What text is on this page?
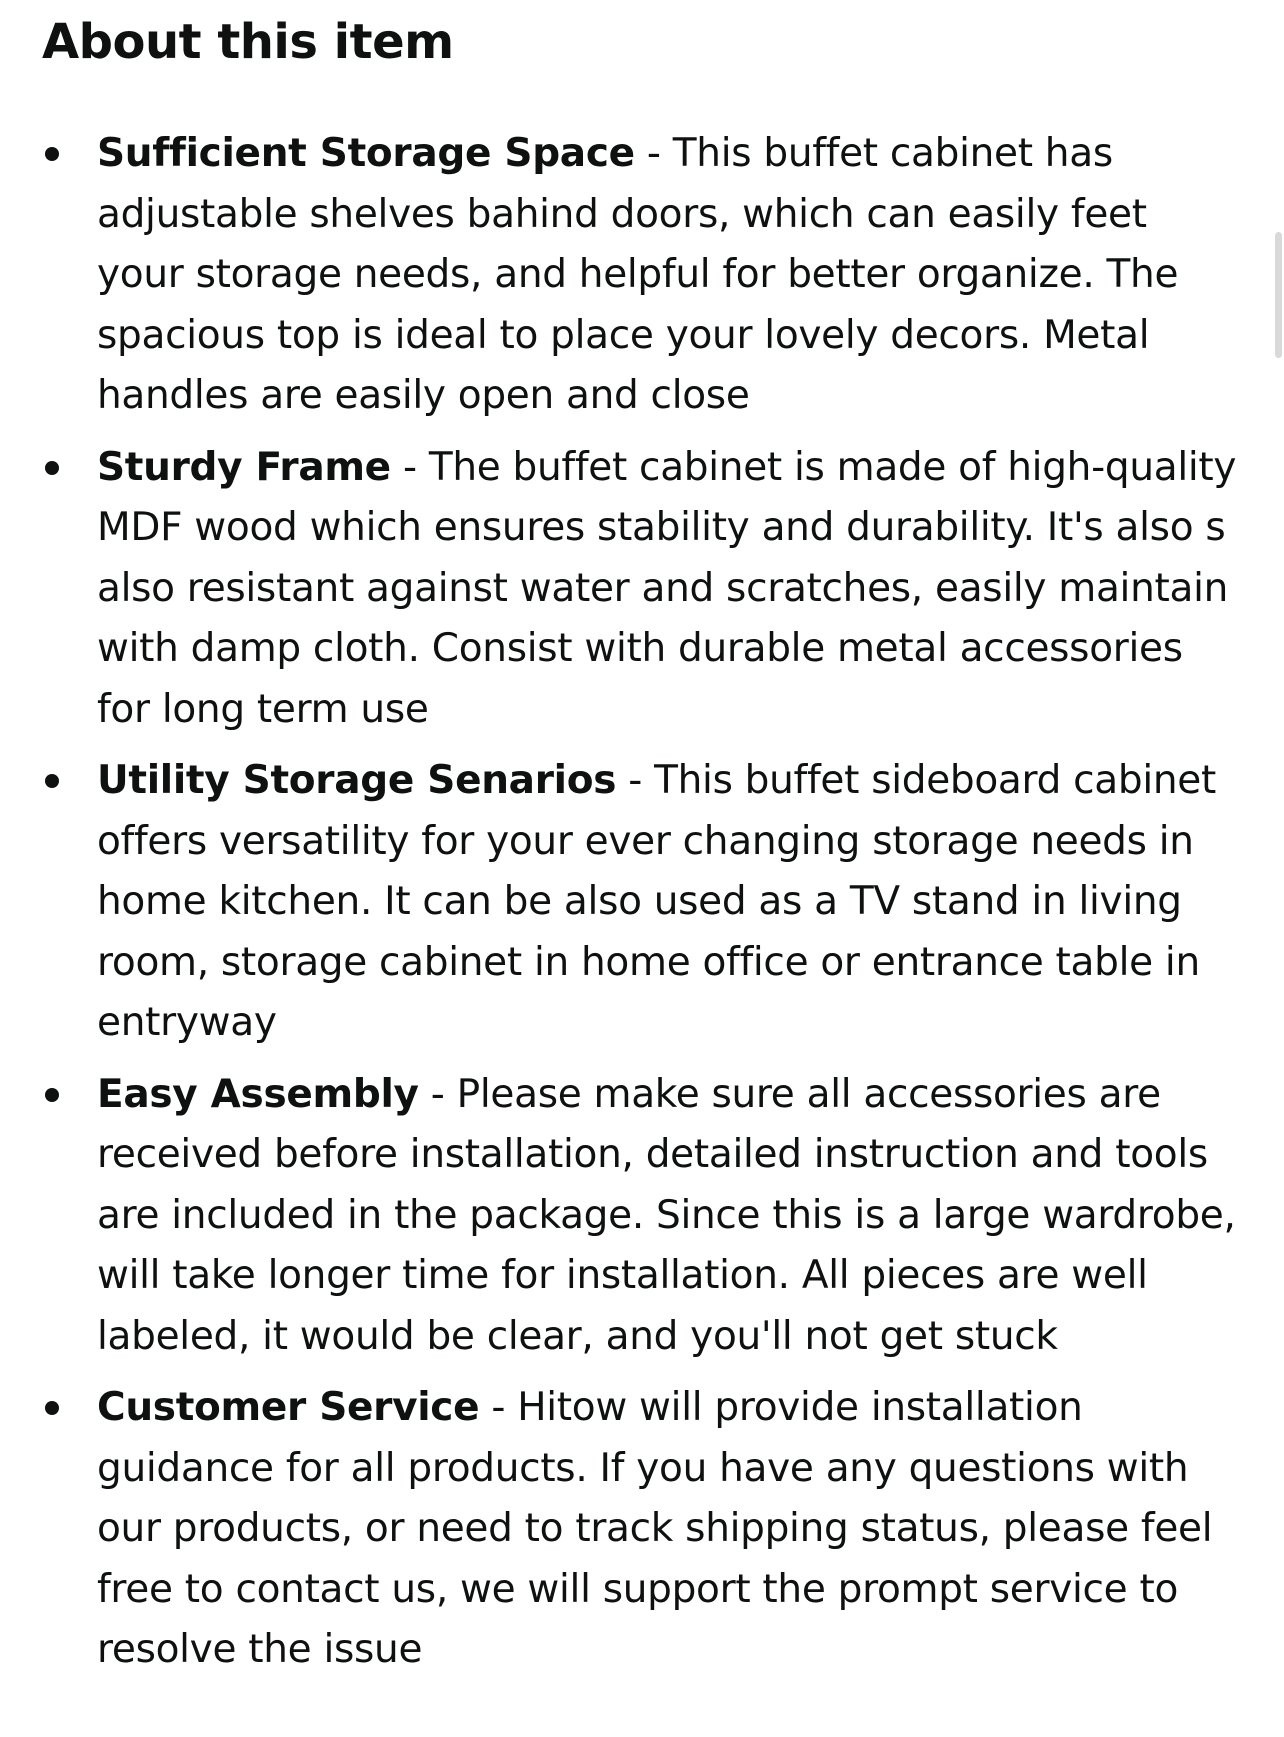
About this item
Sufficient Storage Space - This buffet cabinet has adjustable shelves bahind doors, which can easily feet your storage needs, and helpful for better organize. The spacious top is ideal to place your lovely decors. Metal handles are easily open and close
Sturdy Frame - The buffet cabinet is made of high-quality MDF wood which ensures stability and durability. It's also s also resistant against water and scratches, easily maintain with damp cloth. Consist with durable metal accessories for long term use
Utility Storage Senarios - This buffet sideboard cabinet offers versatility for your ever changing storage needs in home kitchen. It can be also used as a TV stand in living room, storage cabinet in home office or entrance table in entryway
Easy Assembly - Please make sure all accessories are received before installation, detailed instruction and tools are included in the package. Since this is a large wardrobe, will take longer time for installation. All pieces are well labeled, it would be clear, and you'll not get stuck
Customer Service - Hitow will provide installation guidance for all products. If you have any questions with our products, or need to track shipping status, please feel free to contact us, we will support the prompt service to resolve the issue
